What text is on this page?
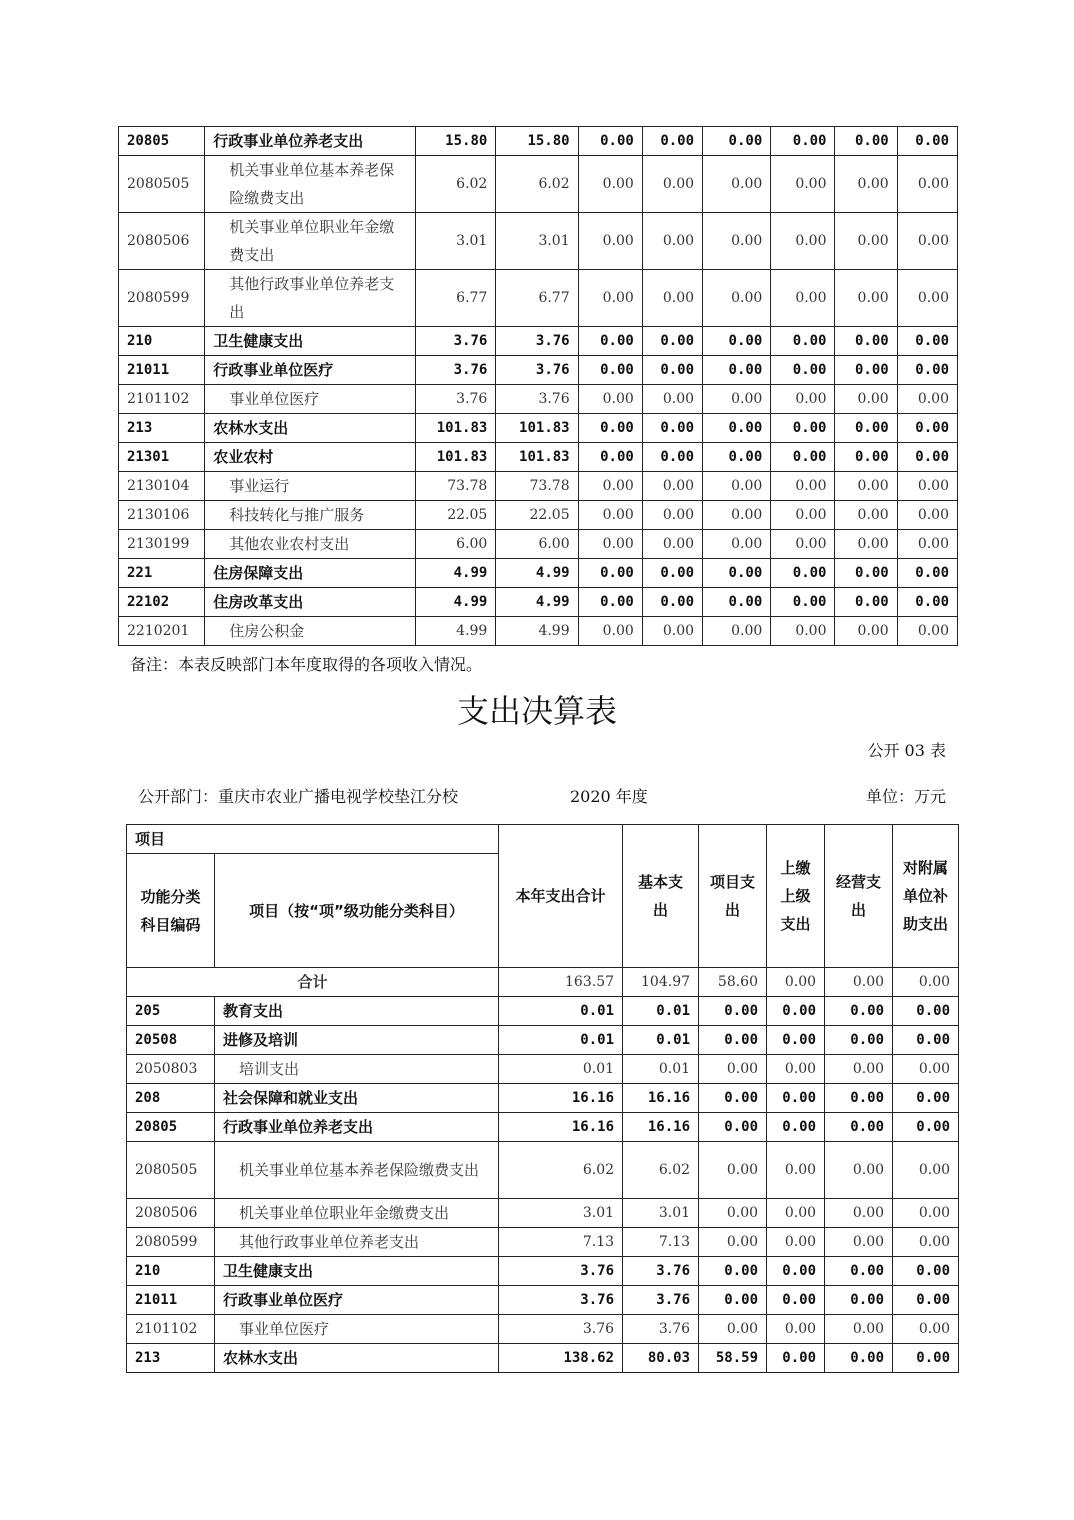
20805	行政事业单位养老支出	15.80	15.80	0.00	0.00	0.00	0.00	0.00	0.00
2080505	机关事业单位基本养老保险缴费支出	6.02	6.02	0.00	0.00	0.00	0.00	0.00	0.00
2080506	机关事业单位职业年金缴费支出	3.01	3.01	0.00	0.00	0.00	0.00	0.00	0.00
2080599	其他行政事业单位养老支出	6.77	6.77	0.00	0.00	0.00	0.00	0.00	0.00
210	卫生健康支出	3.76	3.76	0.00	0.00	0.00	0.00	0.00	0.00
21011	行政事业单位医疗	3.76	3.76	0.00	0.00	0.00	0.00	0.00	0.00
2101102	事业单位医疗	3.76	3.76	0.00	0.00	0.00	0.00	0.00	0.00
213	农林水支出	101.83	101.83	0.00	0.00	0.00	0.00	0.00	0.00
21301	农业农村	101.83	101.83	0.00	0.00	0.00	0.00	0.00	0.00
2130104	事业运行	73.78	73.78	0.00	0.00	0.00	0.00	0.00	0.00
2130106	科技转化与推广服务	22.05	22.05	0.00	0.00	0.00	0.00	0.00	0.00
2130199	其他农业农村支出	6.00	6.00	0.00	0.00	0.00	0.00	0.00	0.00
221	住房保障支出	4.99	4.99	0.00	0.00	0.00	0.00	0.00	0.00
22102	住房改革支出	4.99	4.99	0.00	0.00	0.00	0.00	0.00	0.00
2210201	住房公积金	4.99	4.99	0.00	0.00	0.00	0.00	0.00	0.00
备注：本表反映部门本年度取得的各项收入情况。
支出决算表
公开 03 表
公开部门：重庆市农业广播电视学校垫江分校	2020 年度	单位：万元
项目		本年支出合计	基本支出	项目支出	上缴上级支出	经营支出	对附属单位补助支出
功能分类科目编码	项目（按“项”级功能分类科目）						
合计		163.57	104.97	58.60	0.00	0.00	0.00
205	教育支出	0.01	0.01	0.00	0.00	0.00	0.00
20508	进修及培训	0.01	0.01	0.00	0.00	0.00	0.00
2050803	培训支出	0.01	0.01	0.00	0.00	0.00	0.00
208	社会保障和就业支出	16.16	16.16	0.00	0.00	0.00	0.00
20805	行政事业单位养老支出	16.16	16.16	0.00	0.00	0.00	0.00
2080505	机关事业单位基本养老保险缴费支出	6.02	6.02	0.00	0.00	0.00	0.00
2080506	机关事业单位职业年金缴费支出	3.01	3.01	0.00	0.00	0.00	0.00
2080599	其他行政事业单位养老支出	7.13	7.13	0.00	0.00	0.00	0.00
210	卫生健康支出	3.76	3.76	0.00	0.00	0.00	0.00
21011	行政事业单位医疗	3.76	3.76	0.00	0.00	0.00	0.00
2101102	事业单位医疗	3.76	3.76	0.00	0.00	0.00	0.00
213	农林水支出	138.62	80.03	58.59	0.00	0.00	0.00
